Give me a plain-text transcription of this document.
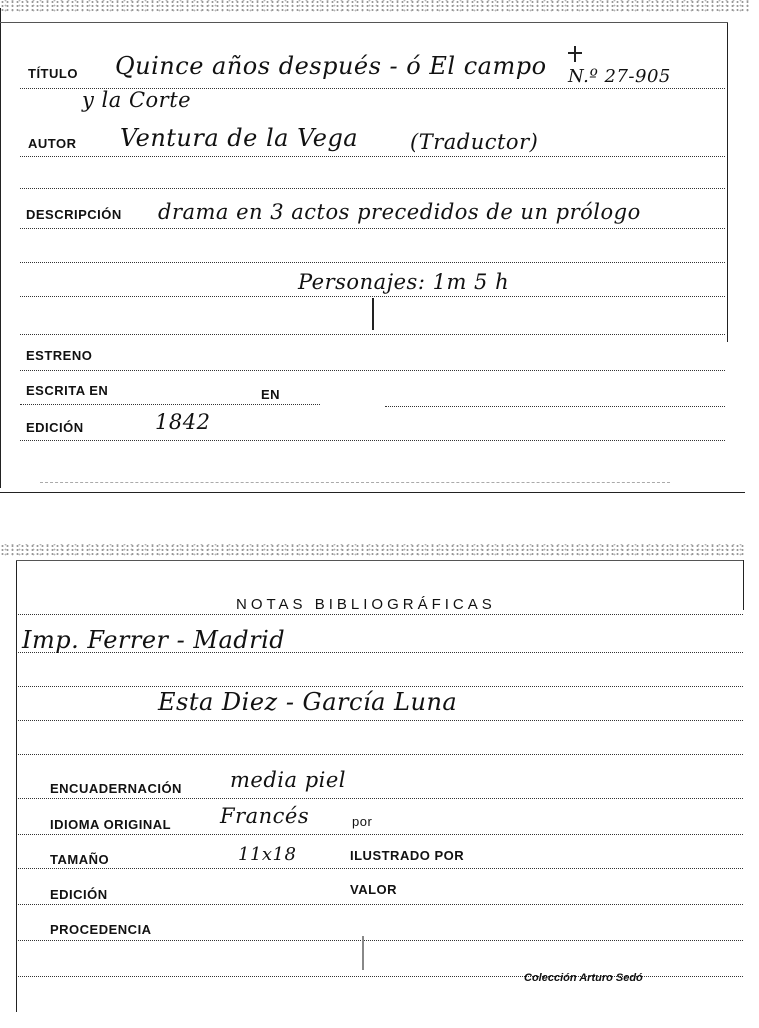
TÍTULO Quince años después - ó El campo N.º 27-905
y la Corte
AUTOR Ventura de la Vega (Traductor)
DESCRIPCIÓN drama en 3 actos precedidos de un prólogo
Personajes: 1m 5 h
ESTRENO
ESCRITA EN	EN
EDICIÓN	1842
NOTAS BIBLIOGRÁFICAS
Imp. Ferrer - Madrid
Esta Diez - García Luna
ENCUADERNACIÓN media piel
IDIOMA ORIGINAL Francés	por
TAMAÑO	11x18	ILUSTRADO POR
EDICIÓN	VALOR
PROCEDENCIA
Colección Arturo Sedó
